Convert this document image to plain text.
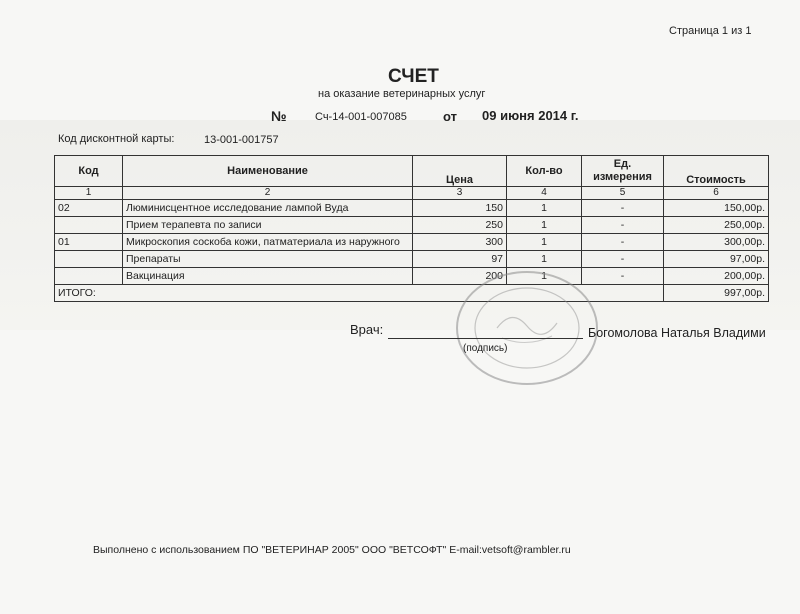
Страница 1 из 1
СЧЕТ
на оказание ветеринарных услуг
№	Сч-14-001-007085	от 09 июня 2014 г.
Код дисконтной карты:	13-001-001757
Код	Наименование	Цена	Кол-во	Ед. измерения	Стоимость
1	2	3	4	5	6
02	Люминисцентное исследование лампой Вуда	150	1	-	150,00р.
	Прием терапевта по записи	250	1	-	250,00р.
01	Микроскопия соскоба кожи, патматериала из наружного	300	1	-	300,00р.
	Препараты	97	1	-	97,00р.
	Вакцинация	200	1	-	200,00р.
ИТОГО:					997,00р.
Врач:
(подпись)
Богомолова Наталья Владими
Выполнено с использованием ПО "ВЕТЕРИНАР 2005" ООО "ВЕТСОФТ" E-mail:vetsoft@rambler.ru
